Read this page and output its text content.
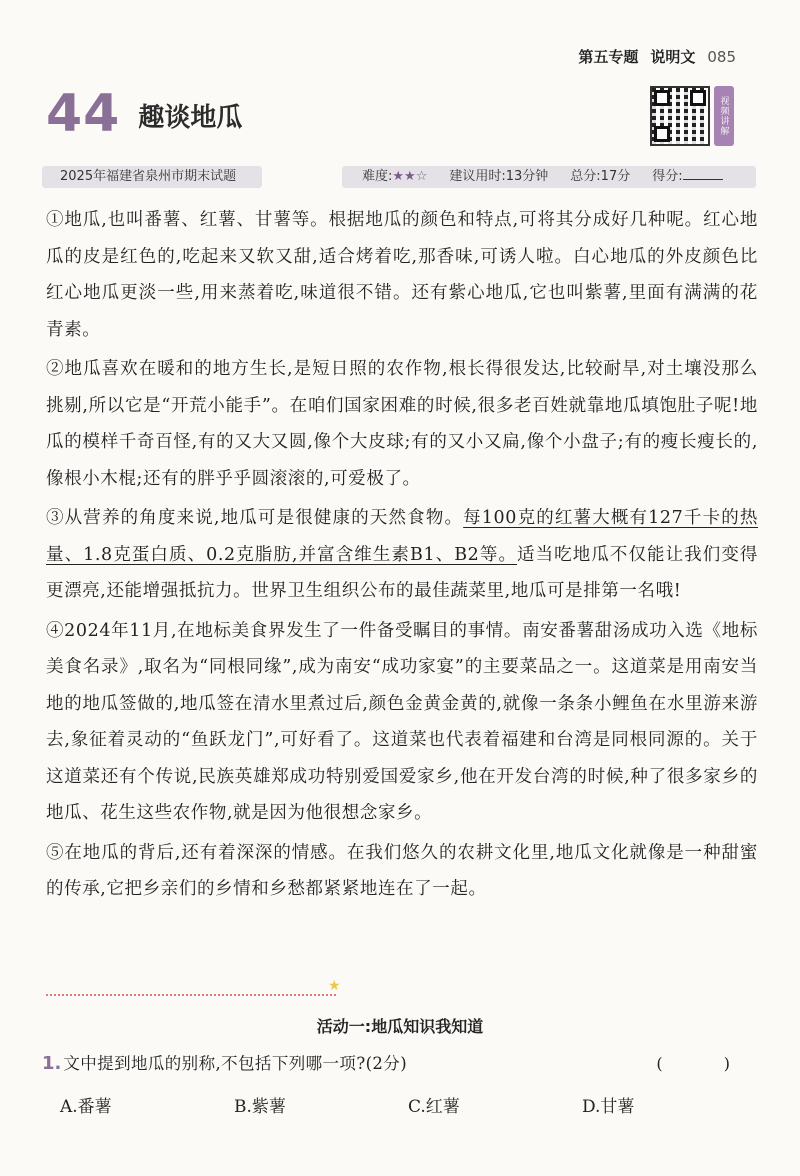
第五专题 说明文 085
44 趣谈地瓜	视频讲解
2025年福建省泉州市期末试题	难度:★★☆ 建议用时:13分钟 总分:17分 得分:

①地瓜,也叫番薯、红薯、甘薯等。根据地瓜的颜色和特点,可将其分成好几种呢。红心地瓜的皮是红色的,吃起来又软又甜,适合烤着吃,那香味,可诱人啦。白心地瓜的外皮颜色比红心地瓜更淡一些,用来蒸着吃,味道很不错。还有紫心地瓜,它也叫紫薯,里面有满满的花青素。

②地瓜喜欢在暖和的地方生长,是短日照的农作物,根长得很发达,比较耐旱,对土壤没那么挑剔,所以它是“开荒小能手”。在咱们国家困难的时候,很多老百姓就靠地瓜填饱肚子呢!地瓜的模样千奇百怪,有的又大又圆,像个大皮球;有的又小又扁,像个小盘子;有的瘦长瘦长的,像根小木棍;还有的胖乎乎圆滚滚的,可爱极了。

③从营养的角度来说,地瓜可是很健康的天然食物。每100克的红薯大概有127千卡的热量、1.8克蛋白质、0.2克脂肪,并富含维生素B1、B2等。适当吃地瓜不仅能让我们变得更漂亮,还能增强抵抗力。世界卫生组织公布的最佳蔬菜里,地瓜可是排第一名哦!

④2024年11月,在地标美食界发生了一件备受瞩目的事情。南安番薯甜汤成功入选《地标美食名录》,取名为“同根同缘”,成为南安“成功家宴”的主要菜品之一。这道菜是用南安当地的地瓜签做的,地瓜签在清水里煮过后,颜色金黄金黄的,就像一条条小鲤鱼在水里游来游去,象征着灵动的“鱼跃龙门”,可好看了。这道菜也代表着福建和台湾是同根同源的。关于这道菜还有个传说,民族英雄郑成功特别爱国爱家乡,他在开发台湾的时候,种了很多家乡的地瓜、花生这些农作物,就是因为他很想念家乡。

⑤在地瓜的背后,还有着深深的情感。在我们悠久的农耕文化里,地瓜文化就像是一种甜蜜的传承,它把乡亲们的乡情和乡愁都紧紧地连在了一起。

★
活动一:地瓜知识我知道
1. 文中提到地瓜的别称,不包括下列哪一项?(2分)	( )
A.番薯	B.紫薯	C.红薯	D.甘薯
